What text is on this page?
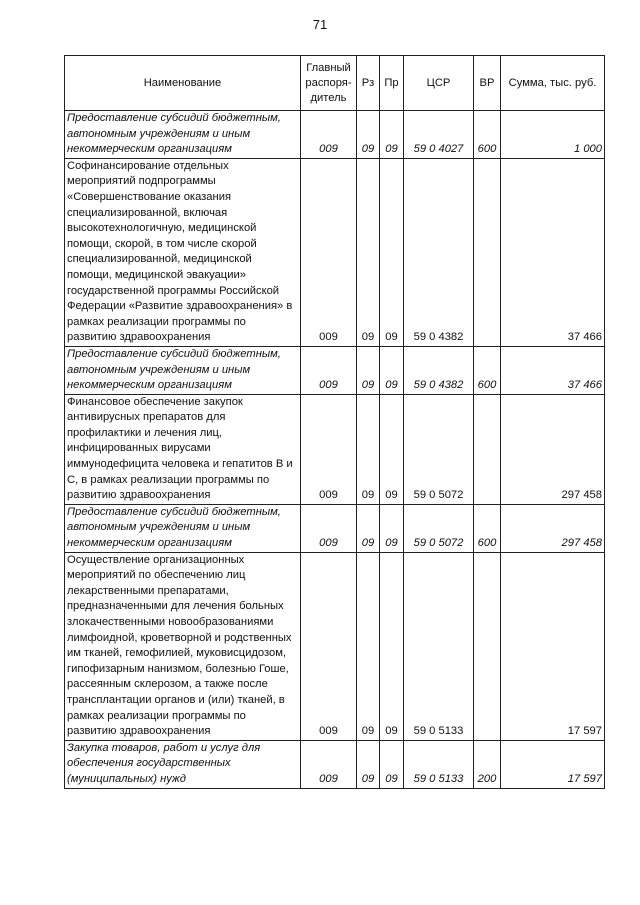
71
Наименование	Главный распоря-дитель	Рз	Пр	ЦСР	ВР	Сумма, тыс. руб.
Предоставление субсидий бюджетным, автономным учреждениям и иным некоммерческим организациям	009	09	09	59 0 4027	600	1 000
Софинансирование отдельных мероприятий подпрограммы «Совершенствование оказания специализированной, включая высокотехнологичную, медицинской помощи, скорой, в том числе скорой специализированной, медицинской помощи, медицинской эвакуации» государственной программы Российской Федерации «Развитие здравоохранения» в рамках реализации программы по развитию здравоохранения	009	09	09	59 0 4382		37 466
Предоставление субсидий бюджетным, автономным учреждениям и иным некоммерческим организациям	009	09	09	59 0 4382	600	37 466
Финансовое обеспечение закупок антивирусных препаратов для профилактики и лечения лиц, инфицированных вирусами иммунодефицита человека и гепатитов В и С, в рамках реализации программы по развитию здравоохранения	009	09	09	59 0 5072		297 458
Предоставление субсидий бюджетным, автономным учреждениям и иным некоммерческим организациям	009	09	09	59 0 5072	600	297 458
Осуществление организационных мероприятий по обеспечению лиц лекарственными препаратами, предназначенными для лечения больных злокачественными новообразованиями лимфоидной, кроветворной и родственных им тканей, гемофилией, муковисцидозом, гипофизарным нанизмом, болезнью Гоше, рассеянным склерозом, а также после трансплантации органов и (или) тканей, в рамках реализации программы по развитию здравоохранения	009	09	09	59 0 5133		17 597
Закупка товаров, работ и услуг для обеспечения государственных (муниципальных) нужд	009	09	09	59 0 5133	200	17 597
